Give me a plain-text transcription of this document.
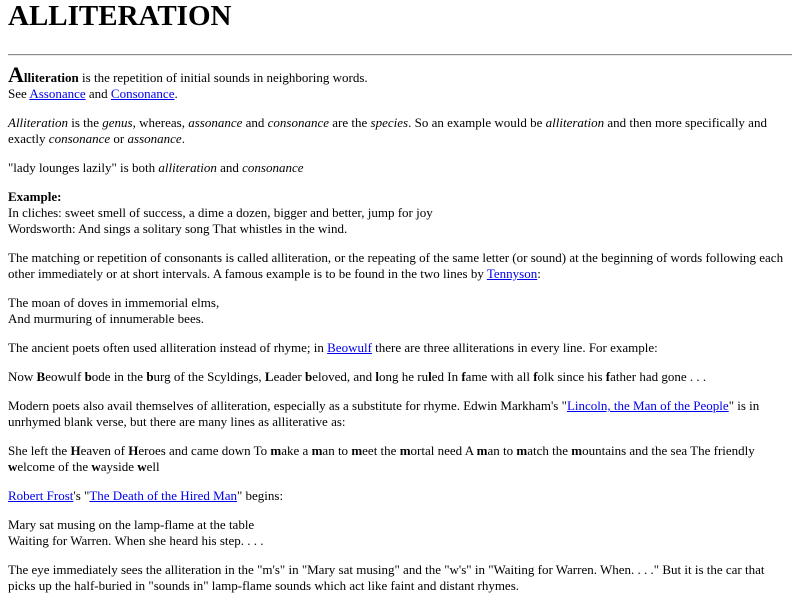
ALLITERATION

Alliteration is the repetition of initial sounds in neighboring words.
See Assonance and Consonance.

Alliteration is the genus, whereas, assonance and consonance are the species. So an example would be alliteration and then more specifically and exactly consonance or assonance.

"lady lounges lazily" is both alliteration and consonance

Example:
In cliches: sweet smell of success, a dime a dozen, bigger and better, jump for joy
Wordsworth: And sings a solitary song That whistles in the wind.

The matching or repetition of consonants is called alliteration, or the repeating of the same letter (or sound) at the beginning of words following each other immediately or at short intervals. A famous example is to be found in the two lines by Tennyson:

The moan of doves in immemorial elms,
And murmuring of innumerable bees.

The ancient poets often used alliteration instead of rhyme; in Beowulf there are three alliterations in every line. For example:

Now Beowulf bode in the burg of the Scyldings, Leader beloved, and long he ruled In fame with all folk since his father had gone . . .

Modern poets also avail themselves of alliteration, especially as a substitute for rhyme. Edwin Markham's "Lincoln, the Man of the People" is in unrhymed blank verse, but there are many lines as alliterative as:

She left the Heaven of Heroes and came down To make a man to meet the mortal need A man to match the mountains and the sea The friendly welcome of the wayside well

Robert Frost's "The Death of the Hired Man" begins:

Mary sat musing on the lamp-flame at the table
Waiting for Warren. When she heard his step. . . .

The eye immediately sees the alliteration in the "m's" in "Mary sat musing" and the "w's" in "Waiting for Warren. When. . . ." But it is the car that picks up the half-buried in "sounds in" lamp-flame sounds which act like faint and distant rhymes.
